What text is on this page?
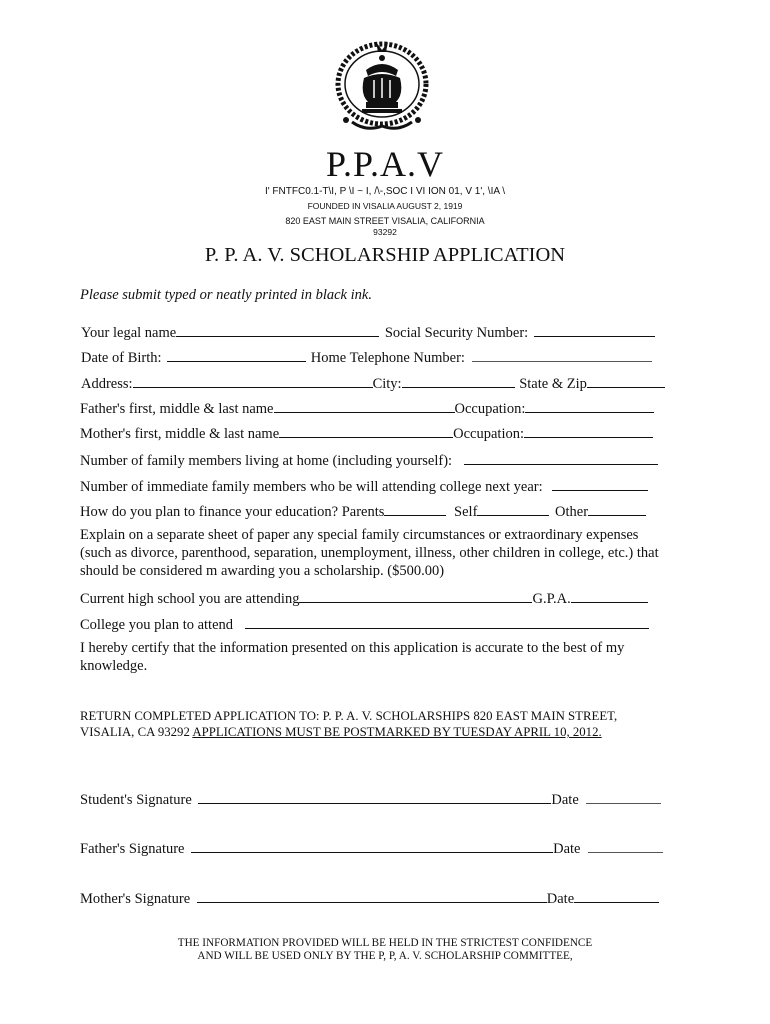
P.P.A.V
I' FNTFC0.1-T\I, P \I ~ I, /\-,SOC I VI ION 01, V 1', \IA \
FOUNDED IN VISALIA AUGUST 2, 1919
820 EAST MAIN STREET VISALIA, CALIFORNIA
93292
P. P. A. V. SCHOLARSHIP APPLICATION
Please submit typed or neatly printed in black ink.
Your legal name	Social Security Number:
Date of Birth:	Home Telephone Number:
Address:	City:	State & Zip
Father's first, middle & last name	Occupation:
Mother's first, middle & last name	Occupation:
Number of family members living at home (including yourself):
Number of immediate family members who be will attending college next year:
How do you plan to finance your education? Parents	Self	Other
Explain on a separate sheet of paper any special family circumstances or extraordinary expenses (such as divorce, parenthood, separation, unemployment, illness, other children in college, etc.) that should be considered m awarding you a scholarship. ($500.00)
Current high school you are attending	G.P.A.
College you plan to attend
I hereby certify that the information presented on this application is accurate to the best of my knowledge.
RETURN COMPLETED APPLICATION TO: P. P. A. V. SCHOLARSHIPS 820 EAST MAIN STREET, VISALIA, CA 93292 APPLICATIONS MUST BE POSTMARKED BY TUESDAY APRIL 10, 2012.
Student's Signature	Date
Father's Signature	Date
Mother's Signature	Date
THE INFORMATION PROVIDED WILL BE HELD IN THE STRICTEST CONFIDENCE
AND WILL BE USED ONLY BY THE P, P, A. V. SCHOLARSHIP COMMITTEE,
